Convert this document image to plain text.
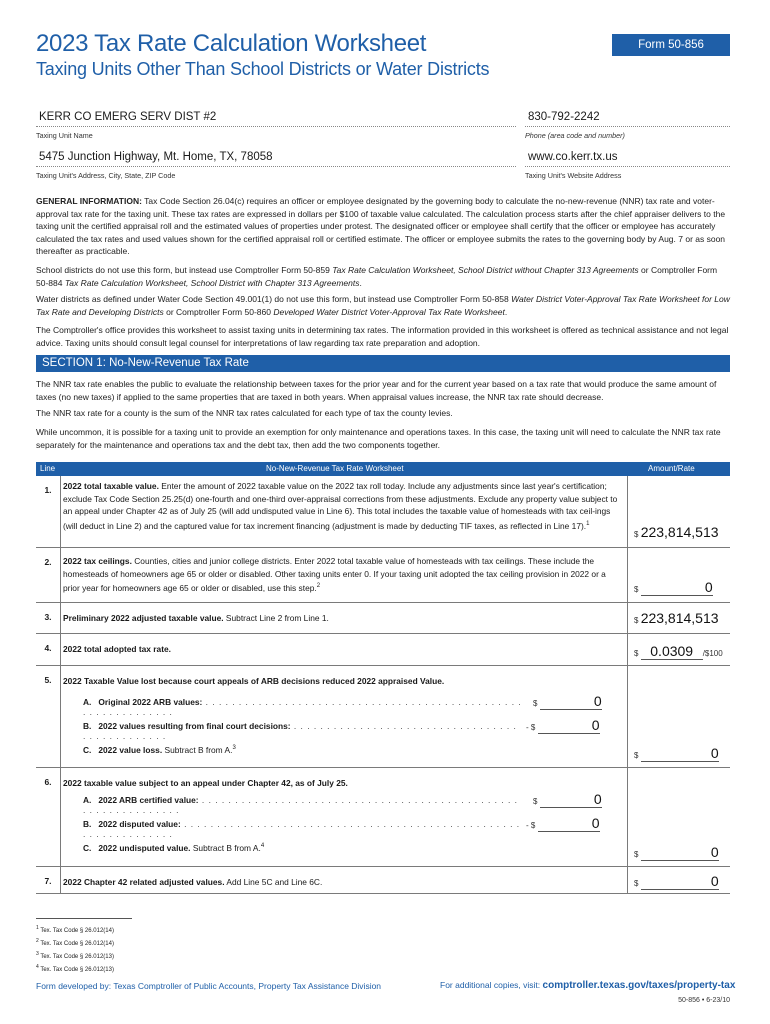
2023 Tax Rate Calculation Worksheet
Taxing Units Other Than School Districts or Water Districts
Form 50-856
KERR CO EMERG SERV DIST #2
Taxing Unit Name
830-792-2242
Phone (area code and number)
5475 Junction Highway, Mt. Home, TX, 78058
Taxing Unit's Address, City, State, ZIP Code
www.co.kerr.tx.us
Taxing Unit's Website Address
GENERAL INFORMATION: Tax Code Section 26.04(c) requires an officer or employee designated by the governing body to calculate the no-new-revenue (NNR) tax rate and voter-approval tax rate for the taxing unit. These tax rates are expressed in dollars per $100 of taxable value calculated. The calculation process starts after the chief appraiser delivers to the taxing unit the certified appraisal roll and the estimated values of properties under protest. The designated officer or employee shall certify that the officer or employee has accurately calculated the tax rates and used values shown for the certified appraisal roll or certified estimate. The officer or employee submits the rates to the governing body by Aug. 7 or as soon thereafter as practicable.
School districts do not use this form, but instead use Comptroller Form 50-859 Tax Rate Calculation Worksheet, School District without Chapter 313 Agreements or Comptroller Form 50-884 Tax Rate Calculation Worksheet, School District with Chapter 313 Agreements.
Water districts as defined under Water Code Section 49.001(1) do not use this form, but instead use Comptroller Form 50-858 Water District Voter-Approval Tax Rate Worksheet for Low Tax Rate and Developing Districts or Comptroller Form 50-860 Developed Water District Voter-Approval Tax Rate Worksheet.
The Comptroller's office provides this worksheet to assist taxing units in determining tax rates. The information provided in this worksheet is offered as technical assistance and not legal advice. Taxing units should consult legal counsel for interpretations of law regarding tax rate preparation and adoption.
SECTION 1: No-New-Revenue Tax Rate
The NNR tax rate enables the public to evaluate the relationship between taxes for the prior year and for the current year based on a tax rate that would produce the same amount of taxes (no new taxes) if applied to the same properties that are taxed in both years. When appraisal values increase, the NNR tax rate should decrease.
The NNR tax rate for a county is the sum of the NNR tax rates calculated for each type of tax the county levies.
While uncommon, it is possible for a taxing unit to provide an exemption for only maintenance and operations taxes. In this case, the taxing unit will need to calculate the NNR tax rate separately for the maintenance and operations tax and the debt tax, then add the two components together.
Line	No-New-Revenue Tax Rate Worksheet	Amount/Rate
1.	2022 total taxable value. Enter the amount of 2022 taxable value on the 2022 tax roll today. Include any adjustments since last year's certification; exclude Tax Code Section 25.25(d) one-fourth and one-third over-appraisal corrections from these adjustments. Exclude any property value subject to an appeal under Chapter 42 as of July 25 (will add undisputed value in Line 6). This total includes the taxable value of homesteads with tax ceil-ings (will deduct in Line 2) and the captured value for tax increment financing (adjustment is made by deducting TIF taxes, as reflected in Line 17).$^1$
$ 223,814,513
2.	2022 tax ceilings. Counties, cities and junior college districts. Enter 2022 total taxable value of homesteads with tax ceilings. These include the homesteads of homeowners age 65 or older or disabled. Other taxing units enter 0. If your taxing unit adopted the tax ceiling provision in 2022 or a prior year for homeowners age 65 or older or disabled, use this step.$^2$	$	0
3.	Preliminary 2022 adjusted taxable value. Subtract Line 2 from Line 1.	$ 223,814,513
4.	2022 total adopted tax rate.	$ 0.0309 /$100
5.	2022 Taxable Value lost because court appeals of ARB decisions reduced 2022 appraised Value.
A. Original 2022 ARB values: . . . . . . . . . . . . . . . . . . . . . . . . . . . . . . . . . . . . . . . . . . . . . . . . . . . . . . . . . . . . . .
$	0
B. 2022 values resulting from final court decisions: . . . . . . . . . . . . . . . . . . . . . . . . . . . . . . . . . . . . . . . . . . . . . . .
- $	0
C. 2022 value loss. Subtract B from A.$^3$
$	0
6.	2022 taxable value subject to an appeal under Chapter 42, as of July 25.
A. 2022 ARB certified value: . . . . . . . . . . . . . . . . . . . . . . . . . . . . . . . . . . . . . . . . . . . . . . . . . . . . . . . . . . . . . . .
$	0
B. 2022 disputed value: . . . . . . . . . . . . . . . . . . . . . . . . . . . . . . . . . . . . . . . . . . . . . . . . . . . . . . . . . . . . . . . . .
- $	0
C. 2022 undisputed value. Subtract B from A.$^4$
$	0
7.	2022 Chapter 42 related adjusted values. Add Line 5C and Line 6C.	$	0
$^1$ Tex. Tax Code § 26.012(14)
$^2$ Tex. Tax Code § 26.012(14)
$^3$ Tex. Tax Code § 26.012(13)
$^4$ Tex. Tax Code § 26.012(13)
Form developed by: Texas Comptroller of Public Accounts, Property Tax Assistance Division	For additional copies, visit: comptroller.texas.gov/taxes/property-tax
50-856 • 6-23/10
